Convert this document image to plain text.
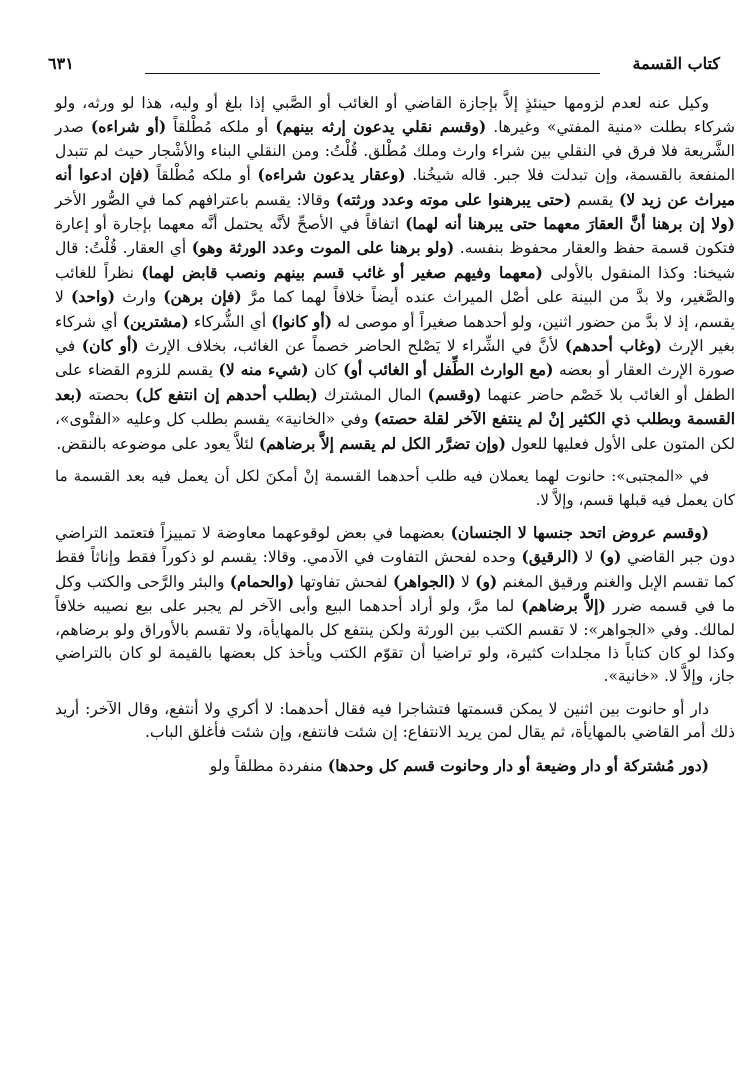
كتاب القسمة
٦٣١

وكيل عنه لعدم لزومها حينئذٍ إلاَّ بإجازة القاضي أو الغائب أو الصَّبي إذا بلغ أو وليه، هذا لو ورثه، ولو شركاء بطلت «منية المفتي» وغيرها. (وقسم نقلي يدعون إرثه بينهم) أو ملكه مُطْلقاً (أو شراءه) صدر الشَّريعة فلا فرق في النقلي بين شراء وارث وملك مُطْلق. قُلْتُ: ومن النقلي البناء والأشْجار حيث لم تتبدل المنفعة بالقسمة، وإن تبدلت فلا جبر. قاله شيخُنا. (وعقار يدعون شراءه) أو ملكه مُطْلقاً (فإن ادعوا أنه ميراث عن زيد لا) يقسم (حتى يبرهنوا على موته وعدد ورثته) وقالا: يقسم باعترافهم كما في الصُّور الأخر (ولا إن برهنا أنَّ العقارَ معهما حتى يبرهنا أنه لهما) اتفاقاً في الأصحِّ لأنَّه يحتمل أنَّه معهما بإجارة أو إعارة فتكون قسمة حفظ والعقار محفوظ بنفسه. (ولو برهنا على الموت وعدد الورثة وهو) أي العقار. قُلْتُ: قال شيخنا: وكذا المنقول بالأولى (معهما وفيهم صغير أو غائب قسم بينهم ونصب قابض لهما) نظراً للغائب والصَّغير، ولا بدَّ من البينة على أصْل الميراث عنده أيضاً خلافاً لهما كما مرَّ (فإن برهن) وارث (واحد) لا يقسم، إذ لا بدَّ من حضور اثنين، ولو أحدهما صغيراً أو موصى له (أو كانوا) أي الشُّركاء (مشترين) أي شركاء بغير الإرث (وغاب أحدهم) لأنَّ في الشِّراء لا يَصْلح الحاضر خصماً عن الغائب، بخلاف الإرث (أو كان) في صورة الإرث العقار أو بعضه (مع الوارث الطِّفل أو الغائب أو) كان (شيء منه لا) يقسم للزوم القضاء على الطفل أو الغائب بلا خَصْم حاضر عنهما (وقسم) المال المشترك (بطلب أحدهم إن انتفع كل) بحصته (بعد القسمة وبطلب ذي الكثير إنْ لم ينتفع الآخر لقلة حصته) وفي «الخانية» يقسم بطلب كل وعليه «الفتْوى»، لكن المتون على الأول فعليها للعول (وإن تضرَّر الكل لم يقسم إلاَّ برضاهم) لئلاَّ يعود على موضوعه بالنقض.

في «المجتبى»: حانوت لهما يعملان فيه طلب أحدهما القسمة إنْ أمكنَ لكل أن يعمل فيه بعد القسمة ما كان يعمل فيه قبلها قسم، وإلاَّ لا.

(وقسم عروض اتحد جنسها لا الجنسان) بعضهما في بعض لوقوعهما معاوضة لا تمييزاً فتعتمد التراضي دون جبر القاضي (و) لا (الرقيق) وحده لفحش التفاوت في الآدمي. وقالا: يقسم لو ذكوراً فقط وإناثاً فقط كما تقسم الإبل والغنم ورقيق المغنم (و) لا (الجواهر) لفحش تفاوتها (والحمام) والبئر والرَّحى والكتب وكل ما في قسمه ضرر (إلاَّ برضاهم) لما مرَّ، ولو أراد أحدهما البيع وأبى الآخر لم يجبر على بيع نصيبه خلافاً لمالك. وفي «الجواهر»: لا تقسم الكتب بين الورثة ولكن ينتفع كل بالمهايأة، ولا تقسم بالأوراق ولو برضاهم، وكذا لو كان كتاباً ذا مجلدات كثيرة، ولو تراضيا أن تقوّم الكتب ويأخذ كل بعضها بالقيمة لو كان بالتراضي جاز، وإلاَّ لا. «خانية».

دار أو حانوت بين اثنين لا يمكن قسمتها فتشاجرا فيه فقال أحدهما: لا أكري ولا أنتفع، وقال الآخر: أريد ذلك أمر القاضي بالمهايأة، ثم يقال لمن يريد الانتفاع: إن شئت فانتفع، وإن شئت فأغلق الباب.

(دور مُشتركة أو دار وضيعة أو دار وحانوت قسم كل وحدها) منفردة مطلقاً ولو
